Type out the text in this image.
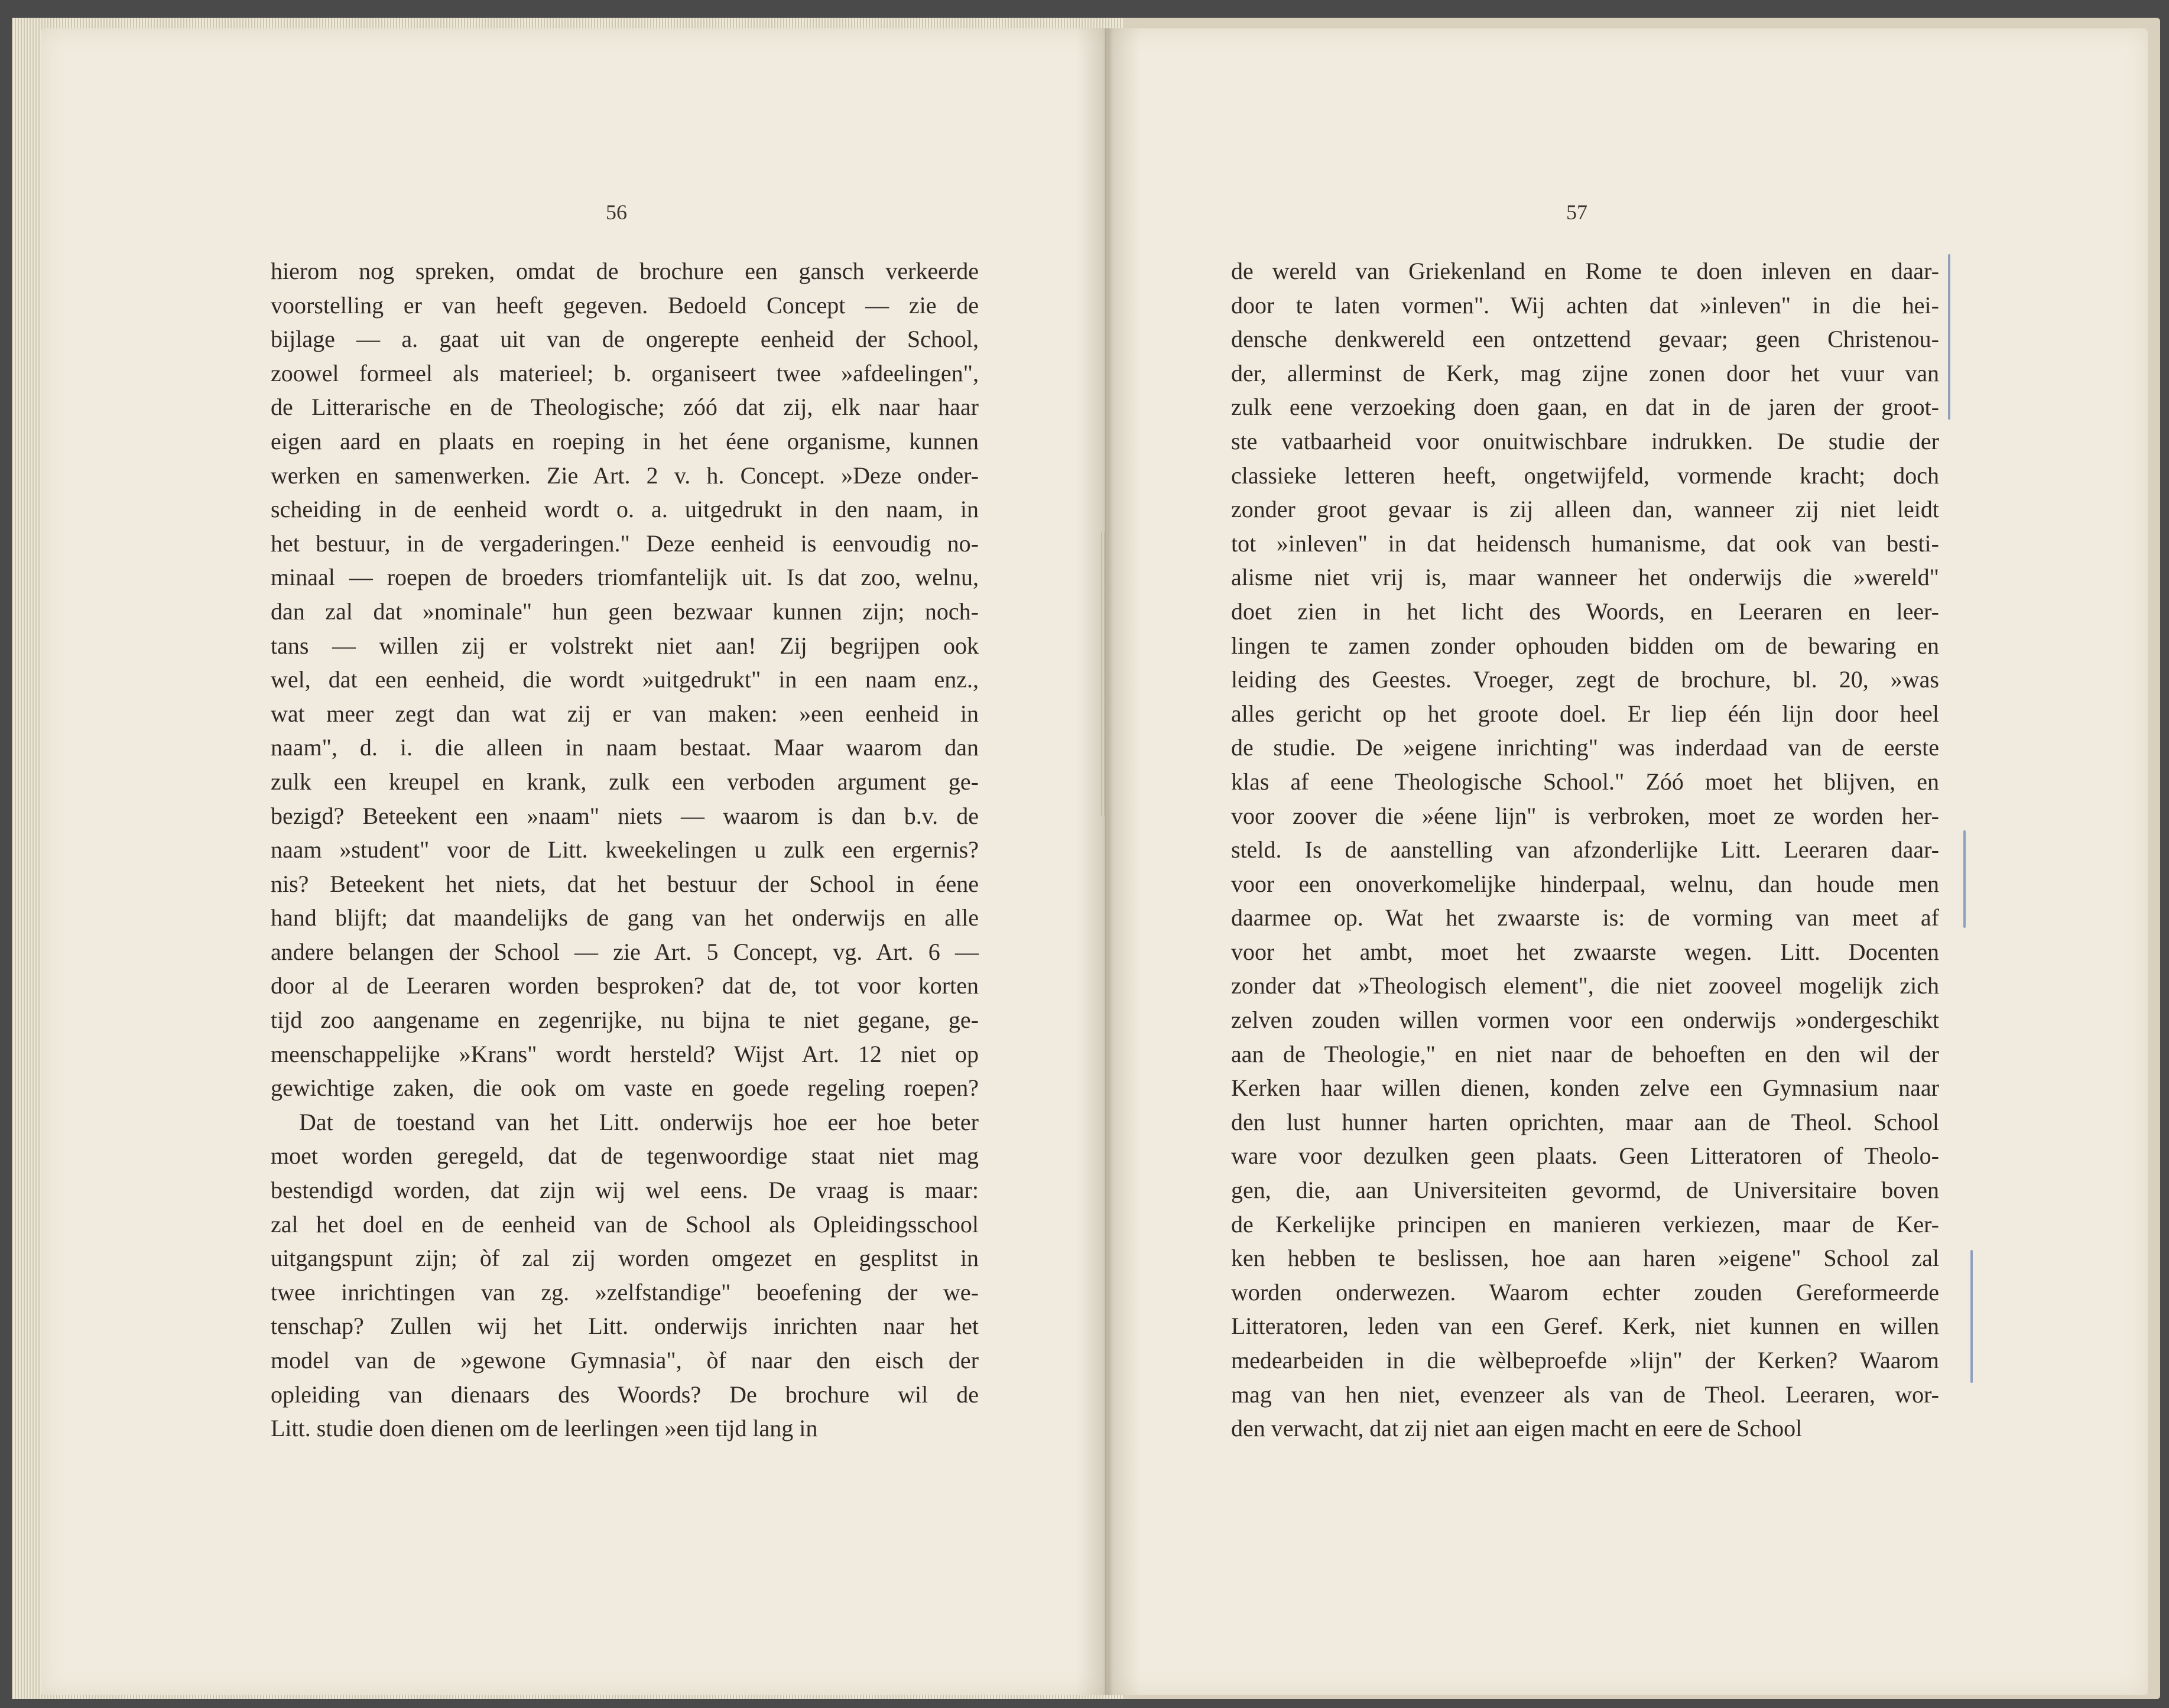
56	57
hierom nog spreken, omdat de brochure een gansch verkeerde
voorstelling er van heeft gegeven. Bedoeld Concept — zie de
bijlage — a. gaat uit van de ongerepte eenheid der School,
zoowel formeel als materieel; b. organiseert twee »afdeelingen",
de Litterarische en de Theologische; zóó dat zij, elk naar haar
eigen aard en plaats en roeping in het éene organisme, kunnen
werken en samenwerken. Zie Art. 2 v. h. Concept. »Deze onder-
scheiding in de eenheid wordt o. a. uitgedrukt in den naam, in
het bestuur, in de vergaderingen." Deze eenheid is eenvoudig no-
minaal — roepen de broeders triomfantelijk uit. Is dat zoo, welnu,
dan zal dat »nominale" hun geen bezwaar kunnen zijn; noch-
tans — willen zij er volstrekt niet aan! Zij begrijpen ook
wel, dat een eenheid, die wordt »uitgedrukt" in een naam enz.,
wat meer zegt dan wat zij er van maken: »een eenheid in
naam", d. i. die alleen in naam bestaat. Maar waarom dan
zulk een kreupel en krank, zulk een verboden argument ge-
bezigd? Beteekent een »naam" niets — waarom is dan b.v. de
naam »student" voor de Litt. kweekelingen u zulk een ergernis?
nis? Beteekent het niets, dat het bestuur der School in éene
hand blijft; dat maandelijks de gang van het onderwijs en alle
andere belangen der School — zie Art. 5 Concept, vg. Art. 6 —
door al de Leeraren worden besproken? dat de, tot voor korten
tijd zoo aangename en zegenrijke, nu bijna te niet gegane, ge-
meenschappelijke »Krans" wordt hersteld? Wijst Art. 12 niet op
gewichtige zaken, die ook om vaste en goede regeling roepen?
Dat de toestand van het Litt. onderwijs hoe eer hoe beter
moet worden geregeld, dat de tegenwoordige staat niet mag
bestendigd worden, dat zijn wij wel eens. De vraag is maar:
zal het doel en de eenheid van de School als Opleidingsschool
uitgangspunt zijn; òf zal zij worden omgezet en gesplitst in
twee inrichtingen van zg. »zelfstandige" beoefening der we-
tenschap? Zullen wij het Litt. onderwijs inrichten naar het
model van de »gewone Gymnasia", òf naar den eisch der
opleiding van dienaars des Woords? De brochure wil de
Litt. studie doen dienen om de leerlingen »een tijd lang in
de wereld van Griekenland en Rome te doen inleven en daar-
door te laten vormen". Wij achten dat »inleven" in die hei-
densche denkwereld een ontzettend gevaar; geen Christenou-
der, allerminst de Kerk, mag zijne zonen door het vuur van
zulk eene verzoeking doen gaan, en dat in de jaren der groot-
ste vatbaarheid voor onuitwischbare indrukken. De studie der
classieke letteren heeft, ongetwijfeld, vormende kracht; doch
zonder groot gevaar is zij alleen dan, wanneer zij niet leidt
tot »inleven" in dat heidensch humanisme, dat ook van besti-
alisme niet vrij is, maar wanneer het onderwijs die »wereld"
doet zien in het licht des Woords, en Leeraren en leer-
lingen te zamen zonder ophouden bidden om de bewaring en
leiding des Geestes. Vroeger, zegt de brochure, bl. 20, »was
alles gericht op het groote doel. Er liep één lijn door heel
de studie. De »eigene inrichting" was inderdaad van de eerste
klas af eene Theologische School." Zóó moet het blijven, en
voor zoover die »éene lijn" is verbroken, moet ze worden her-
steld. Is de aanstelling van afzonderlijke Litt. Leeraren daar-
voor een onoverkomelijke hinderpaal, welnu, dan houde men
daarmee op. Wat het zwaarste is: de vorming van meet af
voor het ambt, moet het zwaarste wegen. Litt. Docenten
zonder dat »Theologisch element", die niet zooveel mogelijk zich
zelven zouden willen vormen voor een onderwijs »ondergeschikt
aan de Theologie," en niet naar de behoeften en den wil der
Kerken haar willen dienen, konden zelve een Gymnasium naar
den lust hunner harten oprichten, maar aan de Theol. School
ware voor dezulken geen plaats. Geen Litteratoren of Theolo-
gen, die, aan Universiteiten gevormd, de Universitaire boven
de Kerkelijke principen en manieren verkiezen, maar de Ker-
ken hebben te beslissen, hoe aan haren »eigene" School zal
worden onderwezen. Waarom echter zouden Gereformeerde
Litteratoren, leden van een Geref. Kerk, niet kunnen en willen
medearbeiden in die wèlbeproefde »lijn" der Kerken? Waarom
mag van hen niet, evenzeer als van de Theol. Leeraren, wor-
den verwacht, dat zij niet aan eigen macht en eere de School
